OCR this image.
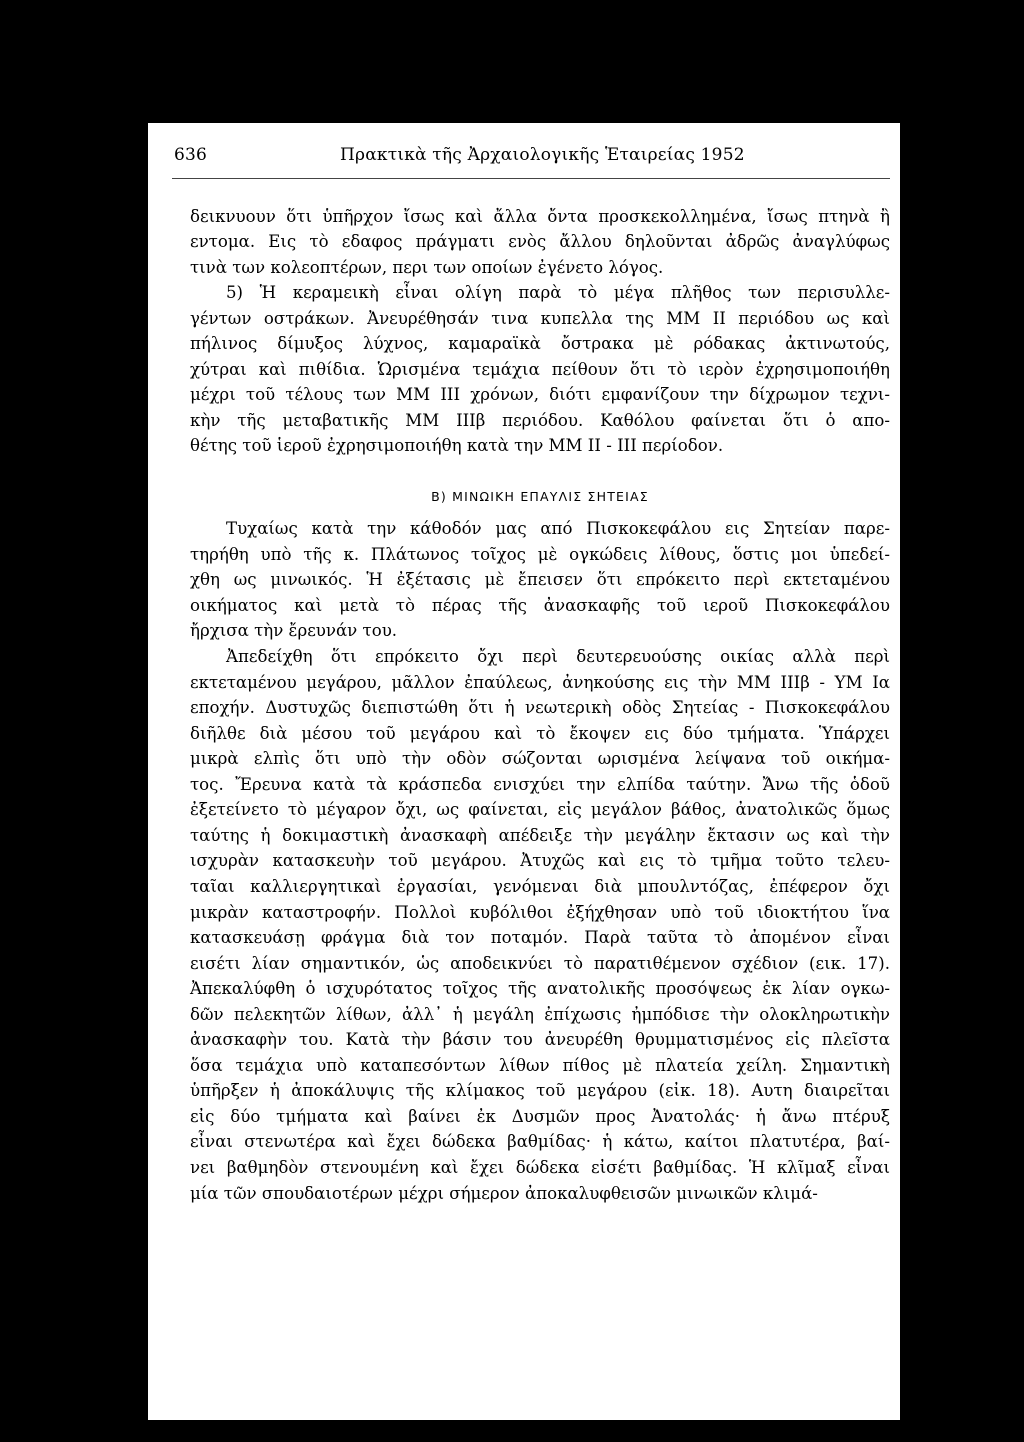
636	Πρακτικὰ τῆς Ἀρχαιολογικῆς Ἑταιρείας 1952
δεικνυουν ὅτι ὑπῆρχον ἴσως καὶ ἄλλα ὄντα προσκεκολλημένα, ἴσως πτηνὰ ἢ
εντομα. Εις τὸ εδαφος πράγματι ενὸς ἄλλου δηλοῦνται ἀδρῶς ἀναγλύφως
τινὰ των κολεοπτέρων, περι των οποίων ἐγένετο λόγος.
5) Ἡ κεραμεικὴ εἶναι ολίγη παρὰ τὸ μέγα πλῆθος των περισυλλε-
γέντων οστράκων. Ἀνευρέθησάν τινα κυπελλα της ΜΜ ΙΙ περιόδου ως καὶ
πήλινος δίμυξος λύχνος, καμαραϊκὰ ὄστρακα μὲ ρόδακας ἀκτινωτούς,
χύτραι καὶ πιθίδια. Ὡρισμένα τεμάχια πείθουν ὅτι τὸ ιερὸν ἐχρησιμοποιήθη
μέχρι τοῦ τέλους των ΜΜ ΙΙΙ χρόνων, διότι εμφανίζουν την δίχρωμον τεχνι-
κὴν τῆς μεταβατικῆς ΜΜ ΙΙΙβ περιόδου. Καθόλου φαίνεται ὅτι ὁ απο-
θέτης τοῦ ἱεροῦ ἐχρησιμοποιήθη κατὰ την ΜΜ ΙΙ - ΙΙΙ περίοδον.
Β) ΜΙΝΩΙΚΗ ΕΠΑΥΛΙΣ ΣΗΤΕΙΑΣ
Τυχαίως κατὰ την κάθοδόν μας από Πισκοκεφάλου εις Σητείαν παρε-
τηρήθη υπὸ τῆς κ. Πλάτωνος τοῖχος μὲ ογκώδεις λίθους, ὅστις μοι ὑπεδεί-
χθη ως μινωικός. Ἡ ἐξέτασις μὲ ἔπεισεν ὅτι επρόκειτο περὶ εκτεταμένου
οικήματος καὶ μετὰ τὸ πέρας τῆς ἀνασκαφῆς τοῦ ιεροῦ Πισκοκεφάλου
ἤρχισα τὴν ἔρευνάν του.
Ἀπεδείχθη ὅτι επρόκειτο ὄχι περὶ δευτερευούσης οικίας αλλὰ περὶ
εκτεταμένου μεγάρου, μᾶλλον ἐπαύλεως, ἀνηκούσης εις τὴν ΜΜ ΙΙΙβ - ΥΜ Ια
εποχήν. Δυστυχῶς διεπιστώθη ὅτι ἡ νεωτερικὴ οδὸς Σητείας - Πισκοκεφάλου
διῆλθε διὰ μέσου τοῦ μεγάρου καὶ τὸ ἔκοψεν εις δύο τμήματα. Ὑπάρχει
μικρὰ ελπὶς ὅτι υπὸ τὴν οδὸν σώζονται ωρισμένα λείψανα τοῦ οικήμα-
τος. Ἔρευνα κατὰ τὰ κράσπεδα ενισχύει την ελπίδα ταύτην. Ἄνω τῆς ὁδοῦ
ἐξετείνετο τὸ μέγαρον ὄχι, ως φαίνεται, εἰς μεγάλον βάθος, ἀνατολικῶς ὅμως
ταύτης ἡ δοκιμαστικὴ ἀνασκαφὴ απέδειξε τὴν μεγάλην ἔκτασιν ως καὶ τὴν
ισχυρὰν κατασκευὴν τοῦ μεγάρου. Ἀτυχῶς καὶ εις τὸ τμῆμα τοῦτο τελευ-
ταῖαι καλλιεργητικαὶ ἐργασίαι, γενόμεναι διὰ μπουλντόζας, ἐπέφερον ὄχι
μικρὰν καταστροφήν. Πολλοὶ κυβόλιθοι ἐξήχθησαν υπὸ τοῦ ιδιοκτήτου ἵνα
κατασκευάσῃ φράγμα διὰ τον ποταμόν. Παρὰ ταῦτα τὸ ἀπομένον εἶναι
εισέτι λίαν σημαντικόν, ὡς αποδεικνύει τὸ παρατιθέμενον σχέδιον (εικ. 17).
Ἀπεκαλύφθη ὁ ισχυρότατος τοῖχος τῆς ανατολικῆς προσόψεως ἐκ λίαν ογκω-
δῶν πελεκητῶν λίθων, ἀλλ᾽ ἡ μεγάλη ἐπίχωσις ἠμπόδισε τὴν ολοκληρωτικὴν
ἀνασκαφὴν του. Κατὰ τὴν βάσιν του ἀνευρέθη θρυμματισμένος εἰς πλεῖστα
ὅσα τεμάχια υπὸ καταπεσόντων λίθων πίθος μὲ πλατεία χείλη. Σημαντικὴ
ὑπῆρξεν ἡ ἀποκάλυψις τῆς κλίμακος τοῦ μεγάρου (εἰκ. 18). Αυτη διαιρεῖται
εἰς δύο τμήματα καὶ βαίνει ἐκ Δυσμῶν προς Ἀνατολάς· ἡ ἄνω πτέρυξ
εἶναι στενωτέρα καὶ ἔχει δώδεκα βαθμίδας· ἡ κάτω, καίτοι πλατυτέρα, βαί-
νει βαθμηδὸν στενουμένη καὶ ἔχει δώδεκα εἰσέτι βαθμίδας. Ἡ κλῖμαξ εἶναι
μία τῶν σπουδαιοτέρων μέχρι σήμερον ἀποκαλυφθεισῶν μινωικῶν κλιμά-
